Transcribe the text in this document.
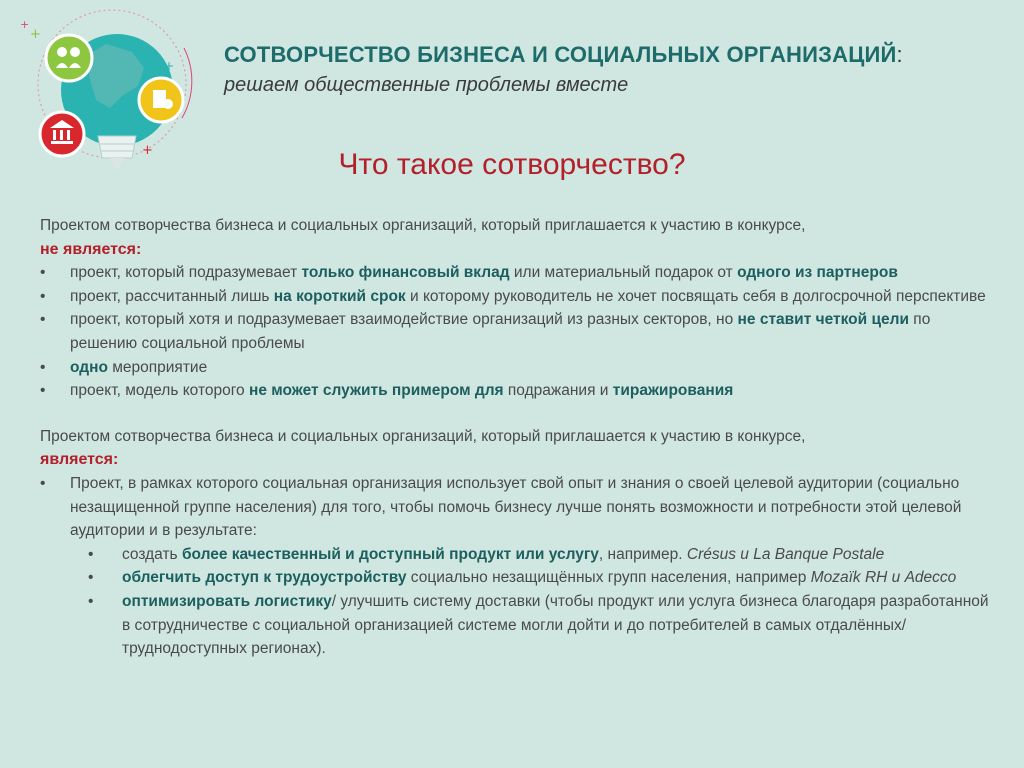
+
+
+
+ СОТВОРЧЕСТВО БИЗНЕСА И СОЦИАЛЬНЫХ ОРГАНИЗАЦИЙ:
решаем общественные проблемы вместе
Что такое сотворчество?

Проектом сотворчества бизнеса и социальных организаций, который приглашается к участию в конкурсе,

не является:

• проект, который подразумевает только финансовый вклад или материальный подарок от одного из партнеров
• проект, рассчитанный лишь на короткий срок и которому руководитель не хочет посвящать себя в долгосрочной перспективе
• проект, который хотя и подразумевает взаимодействие организаций из разных секторов, но не ставит четкой цели по решению социальной проблемы
• одно мероприятие
• проект, модель которого не может служить примером для подражания и тиражирования

Проектом сотворчества бизнеса и социальных организаций, который приглашается к участию в конкурсе,

является:

• Проект, в рамках которого социальная организация использует свой опыт и знания о своей целевой аудитории (социально незащищенной группе населения) для того, чтобы помочь бизнесу лучше понять возможности и потребности этой целевой аудитории и в результате:
• создать более качественный и доступный продукт или услугу, например. Crésus и La Banque Postale
• облегчить доступ к трудоустройству социально незащищённых групп населения, например Mozaïk RH и Adecco
• оптимизировать логистику/ улучшить систему доставки (чтобы продукт или услуга бизнеса благодаря разработанной в сотрудничестве с социальной организацией системе могли дойти и до потребителей в самых отдалённых/труднодоступных регионах).
